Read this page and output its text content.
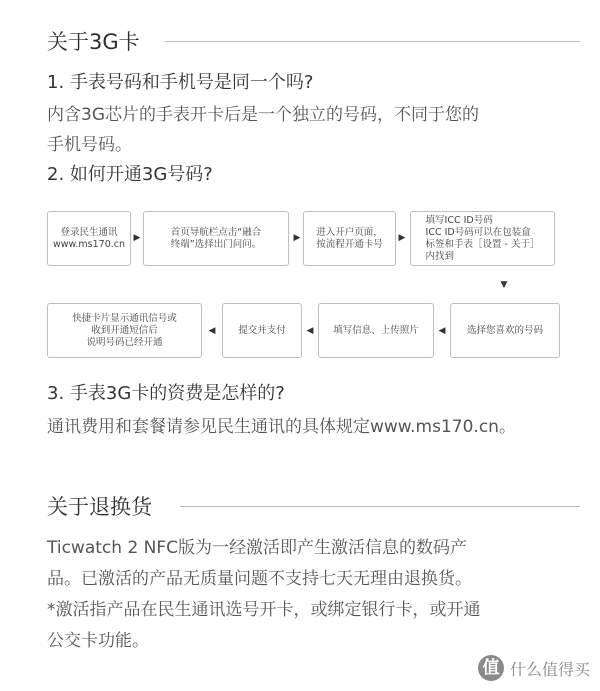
关于3G卡
1. 手表号码和手机号是同一个吗?
内含3G芯片的手表开卡后是一个独立的号码，不同于您的
手机号码。
2. 如何开通3G号码?
登录民生通讯
www.ms170.cn
▶
首页导航栏点击“融合
终端”选择出门问问。
▶
进入开户页面，
按流程开通卡号
▶
填写ICC ID号码
ICC ID号码可以在包装盒
标签和手表［设置 - 关于］
内找到
▼
快捷卡片显示通讯信号或
收到开通短信后
说明号码已经开通
◀ 提交并支付 ◀ 填写信息、上传照片 ◀ 选择您喜欢的号码
3. 手表3G卡的资费是怎样的?
通讯费用和套餐请参见民生通讯的具体规定www.ms170.cn。
关于退换货
Ticwatch 2 NFC版为一经激活即产生激活信息的数码产
品。已激活的产品无质量问题不支持七天无理由退换货。
*激活指产品在民生通讯选号开卡，或绑定银行卡，或开通
公交卡功能。
值 什么值得买
